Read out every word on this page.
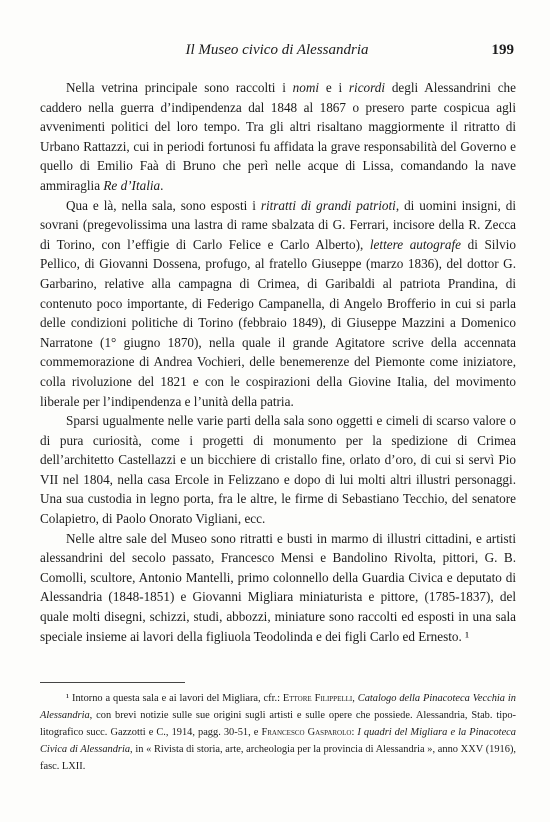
Il Museo civico di Alessandria	199

Nella vetrina principale sono raccolti i nomi e i ricordi degli Alessandrini che caddero nella guerra d’indipendenza dal 1848 al 1867 o presero parte cospicua agli avvenimenti politici del loro tempo. Tra gli altri risaltano maggiormente il ritratto di Urbano Rattazzi, cui in periodi fortunosi fu affidata la grave responsabilità del Governo e quello di Emilio Faà di Bruno che perì nelle acque di Lissa, comandando la nave ammiraglia Re d’Italia.

Qua e là, nella sala, sono esposti i ritratti di grandi patrioti, di uomini insigni, di sovrani (pregevolissima una lastra di rame sbalzata di G. Ferrari, incisore della R. Zecca di Torino, con l’effigie di Carlo Felice e Carlo Alberto), lettere autografe di Silvio Pellico, di Giovanni Dossena, profugo, al fratello Giuseppe (marzo 1836), del dottor G. Garbarino, relative alla campagna di Crimea, di Garibaldi al patriota Prandina, di contenuto poco importante, di Federigo Campanella, di Angelo Brofferio in cui si parla delle condizioni politiche di Torino (febbraio 1849), di Giuseppe Mazzini a Domenico Narratone (1° giugno 1870), nella quale il grande Agitatore scrive della accennata commemorazione di Andrea Vochieri, delle benemerenze del Piemonte come iniziatore, colla rivoluzione del 1821 e con le cospirazioni della Giovine Italia, del movimento liberale per l’indipendenza e l’unità della patria.

Sparsi ugualmente nelle varie parti della sala sono oggetti e cimeli di scarso valore o di pura curiosità, come i progetti di monumento per la spedizione di Crimea dell’architetto Castellazzi e un bicchiere di cristallo fine, orlato d’oro, di cui si servì Pio VII nel 1804, nella casa Ercole in Felizzano e dopo di lui molti altri illustri personaggi. Una sua custodia in legno porta, fra le altre, le firme di Sebastiano Tecchio, del senatore Colapietro, di Paolo Onorato Vigliani, ecc.

Nelle altre sale del Museo sono ritratti e busti in marmo di illustri cittadini, e artisti alessandrini del secolo passato, Francesco Mensi e Bandolino Rivolta, pittori, G. B. Comolli, scultore, Antonio Mantelli, primo colonnello della Guardia Civica e deputato di Alessandria (1848-1851) e Giovanni Migliara miniaturista e pittore, (1785-1837), del quale molti disegni, schizzi, studi, abbozzi, miniature sono raccolti ed esposti in una sala speciale insieme ai lavori della figliuola Teodolinda e dei figli Carlo ed Ernesto. ¹

¹ Intorno a questa sala e ai lavori del Migliara, cfr.: Ettore Filippelli, Catalogo della Pinacoteca Vecchia in Alessandria, con brevi notizie sulle sue origini sugli artisti e sulle opere che possiede. Alessandria, Stab. tipo-litografico succ. Gazzotti e C., 1914, pagg. 30-51, e Francesco Gasparolo: I quadri del Migliara e la Pinacoteca Civica di Alessandria, in « Rivista di storia, arte, archeologia per la provincia di Alessandria », anno XXV (1916), fasc. LXII.
